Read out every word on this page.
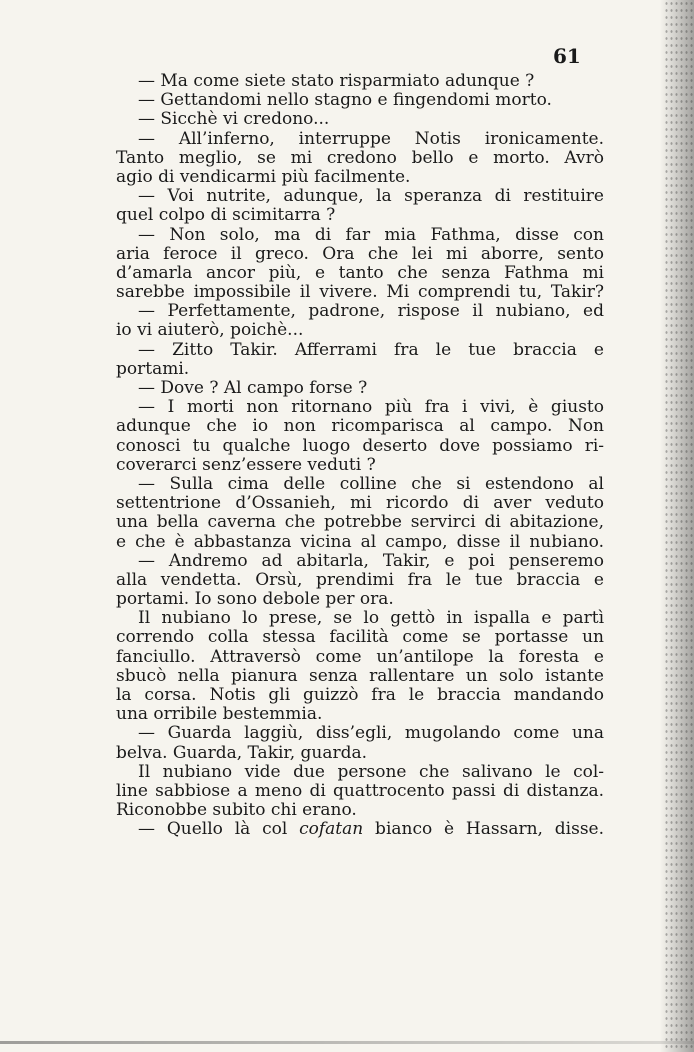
61
— Ma come siete stato risparmiato adunque ?
— Gettandomi nello stagno e fingendomi morto.
— Sicchè vi credono...
— All’inferno, interruppe Notis ironicamente.
Tanto meglio, se mi credono bello e morto. Avrò
agio di vendicarmi più facilmente.
— Voi nutrite, adunque, la speranza di restituire
quel colpo di scimitarra ?
— Non solo, ma di far mia Fathma, disse con
aria feroce il greco. Ora che lei mi aborre, sento
d’amarla ancor più, e tanto che senza Fathma mi
sarebbe impossibile il vivere. Mi comprendi tu, Takir?
— Perfettamente, padrone, rispose il nubiano, ed
io vi aiuterò, poichè...
— Zitto Takir. Afferrami fra le tue braccia e
portami.
— Dove ? Al campo forse ?
— I morti non ritornano più fra i vivi, è giusto
adunque che io non ricomparisca al campo. Non
conosci tu qualche luogo deserto dove possiamo ri-
coverarci senz’essere veduti ?
— Sulla cima delle colline che si estendono al
settentrione d’Ossanieh, mi ricordo di aver veduto
una bella caverna che potrebbe servirci di abitazione,
e che è abbastanza vicina al campo, disse il nubiano.
— Andremo ad abitarla, Takir, e poi penseremo
alla vendetta. Orsù, prendimi fra le tue braccia e
portami. Io sono debole per ora.
Il nubiano lo prese, se lo gettò in ispalla e partì
correndo colla stessa facilità come se portasse un
fanciullo. Attraversò come un’antilope la foresta e
sbucò nella pianura senza rallentare un solo istante
la corsa. Notis gli guizzò fra le braccia mandando
una orribile bestemmia.
— Guarda laggiù, diss’egli, mugolando come una
belva. Guarda, Takir, guarda.
Il nubiano vide due persone che salivano le col-
line sabbiose a meno di quattrocento passi di distanza.
Riconobbe subito chi erano.
— Quello là col cofatan bianco è Hassarn, disse.
